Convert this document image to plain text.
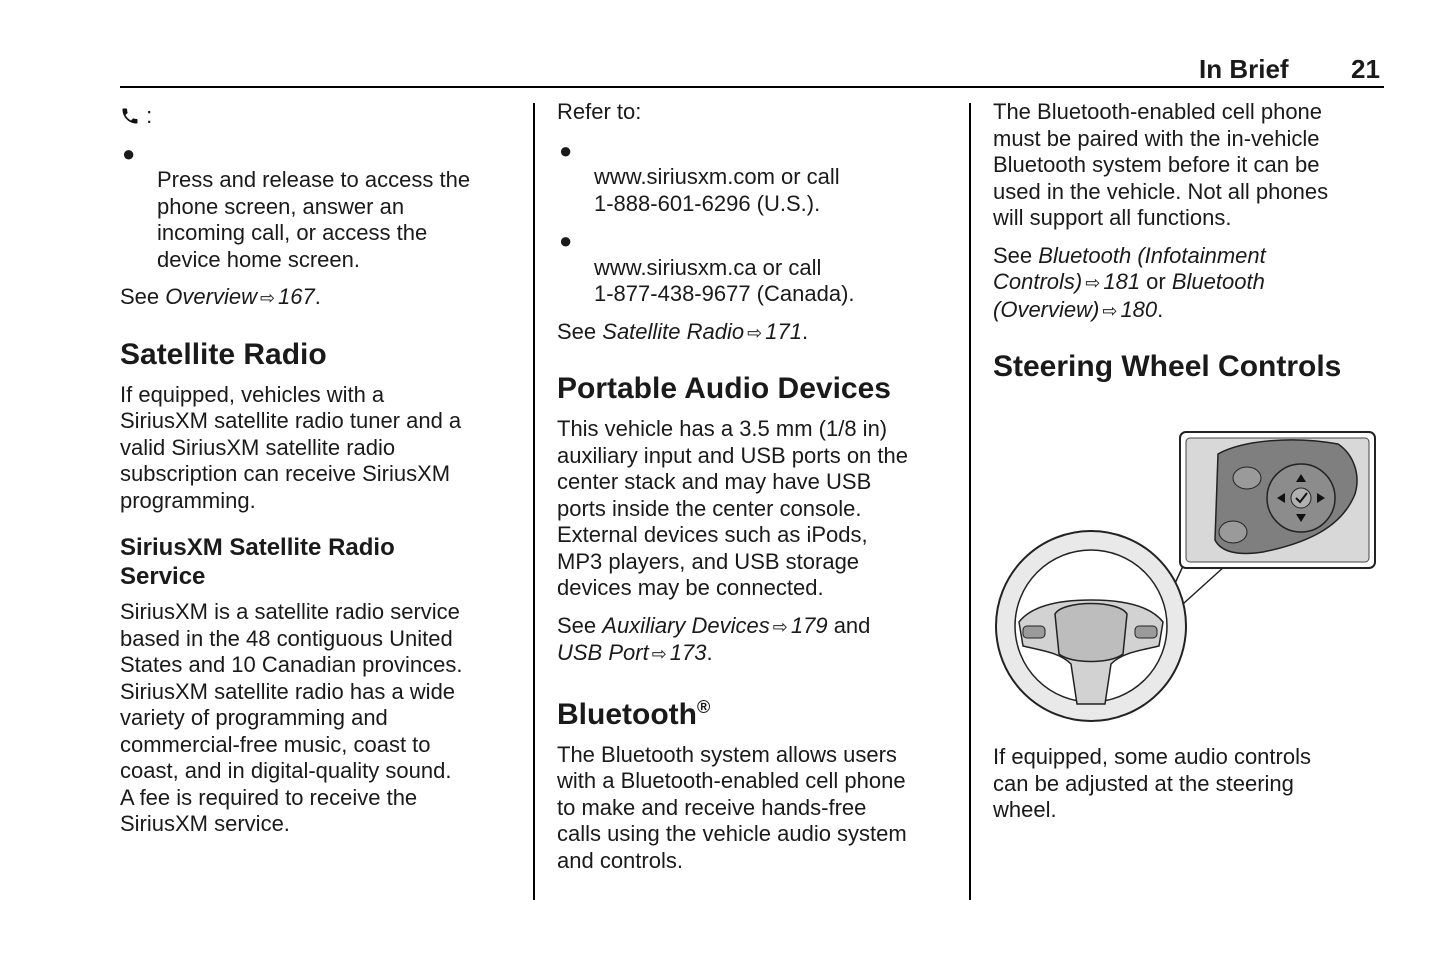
In Brief 21

:

●
Press and release to access the
phone screen, answer an
incoming call, or access the
device home screen.

See Overview ⇨ 167.

Satellite Radio

If equipped, vehicles with a
SiriusXM satellite radio tuner and a
valid SiriusXM satellite radio
subscription can receive SiriusXM
programming.

SiriusXM Satellite Radio
Service

SiriusXM is a satellite radio service
based in the 48 contiguous United
States and 10 Canadian provinces.
SiriusXM satellite radio has a wide
variety of programming and
commercial-free music, coast to
coast, and in digital-quality sound.
A fee is required to receive the
SiriusXM service.

Refer to:

●
www.siriusxm.com or call
1-888-601-6296 (U.S.).

●
www.siriusxm.ca or call
1-877-438-9677 (Canada).

See Satellite Radio ⇨ 171.

Portable Audio Devices

This vehicle has a 3.5 mm (1/8 in)
auxiliary input and USB ports on the
center stack and may have USB
ports inside the center console.
External devices such as iPods,
MP3 players, and USB storage
devices may be connected.

See Auxiliary Devices ⇨ 179 and
USB Port ⇨ 173.

Bluetooth®

The Bluetooth system allows users
with a Bluetooth-enabled cell phone
to make and receive hands-free
calls using the vehicle audio system
and controls.

The Bluetooth-enabled cell phone
must be paired with the in-vehicle
Bluetooth system before it can be
used in the vehicle. Not all phones
will support all functions.

See Bluetooth (Infotainment
Controls) ⇨ 181 or Bluetooth
(Overview) ⇨ 180.

Steering Wheel Controls

If equipped, some audio controls
can be adjusted at the steering
wheel.
